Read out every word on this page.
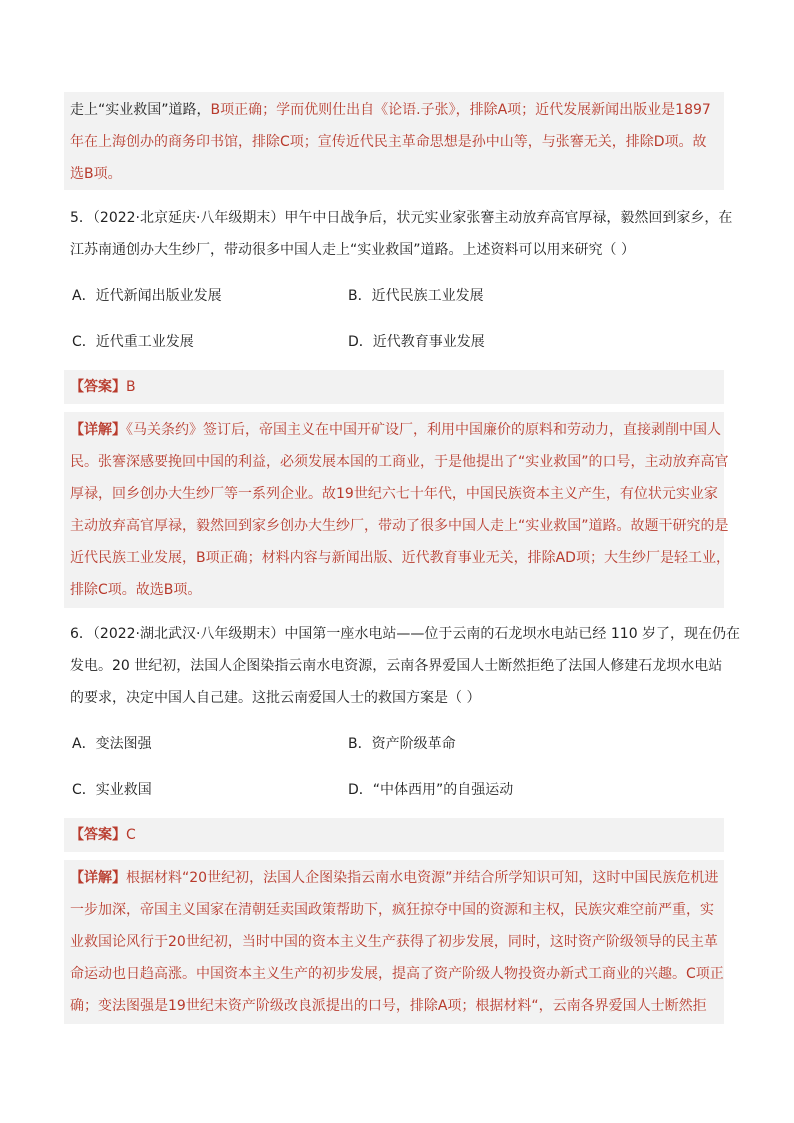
走上“实业救国”道路，B项正确；学而优则仕出自《论语.子张》，排除A项；近代发展新闻出版业是1897
年在上海创办的商务印书馆，排除C项；宣传近代民主革命思想是孙中山等，与张謇无关，排除D项。故
选B项。
5．（2022·北京延庆·八年级期末）甲午中日战争后，状元实业家张謇主动放弃高官厚禄，毅然回到家乡，在
江苏南通创办大生纱厂，带动很多中国人走上“实业救国”道路。上述资料可以用来研究（ ）
A．近代新闻出版业发展	B．近代民族工业发展
C．近代重工业发展	D．近代教育事业发展
【答案】B
【详解】《马关条约》签订后，帝国主义在中国开矿设厂，利用中国廉价的原料和劳动力，直接剥削中国人
民。张謇深感要挽回中国的利益，必须发展本国的工商业，于是他提出了“实业救国”的口号，主动放弃高官
厚禄，回乡创办大生纱厂等一系列企业。故19世纪六七十年代，中国民族资本主义产生，有位状元实业家
主动放弃高官厚禄，毅然回到家乡创办大生纱厂，带动了很多中国人走上“实业救国”道路。故题干研究的是
近代民族工业发展，B项正确；材料内容与新闻出版、近代教育事业无关，排除AD项；大生纱厂是轻工业，
排除C项。故选B项。
6．（2022·湖北武汉·八年级期末）中国第一座水电站——位于云南的石龙坝水电站已经 110 岁了，现在仍在
发电。20 世纪初，法国人企图染指云南水电资源，云南各界爱国人士断然拒绝了法国人修建石龙坝水电站
的要求，决定中国人自己建。这批云南爱国人士的救国方案是（ ）
A．变法图强	B．资产阶级革命
C．实业救国	D．“中体西用”的自强运动
【答案】C
【详解】根据材料“20世纪初，法国人企图染指云南水电资源”并结合所学知识可知，这时中国民族危机进
一步加深，帝国主义国家在清朝廷卖国政策帮助下，疯狂掠夺中国的资源和主权，民族灾难空前严重，实
业救国论风行于20世纪初，当时中国的资本主义生产获得了初步发展，同时，这时资产阶级领导的民主革
命运动也日趋高涨。中国资本主义生产的初步发展，提高了资产阶级人物投资办新式工商业的兴趣。C项正
确；变法图强是19世纪末资产阶级改良派提出的口号，排除A项；根据材料“，云南各界爱国人士断然拒
